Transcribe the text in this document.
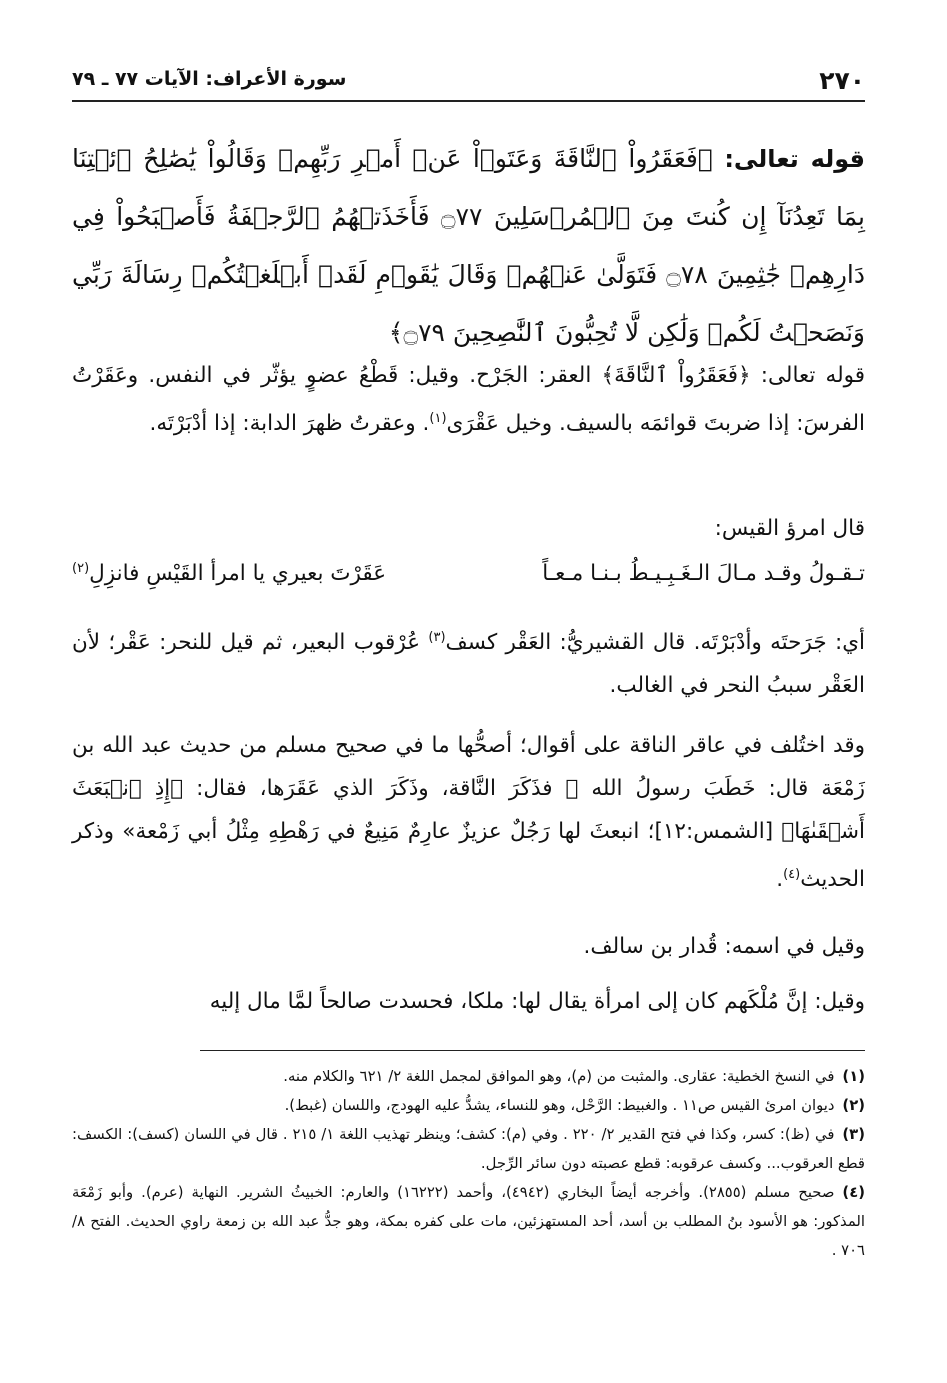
٢٧٠
سورة الأعراف: الآيات ٧٧ ـ ٧٩
قوله تعالى: ﴿فَعَقَرُواْ ٱلنَّاقَةَ وَعَتَوۡاْ عَنۡ أَمۡرِ رَبِّهِمۡ وَقَالُواْ يَٰصَٰلِحُ ٱئۡتِنَا بِمَا تَعِدُنَآ إِن كُنتَ مِنَ ٱلۡمُرۡسَلِينَ ۝٧٧ فَأَخَذَتۡهُمُ ٱلرَّجۡفَةُ فَأَصۡبَحُواْ فِي دَارِهِمۡ جَٰثِمِينَ ۝٧٨ فَتَوَلَّىٰ عَنۡهُمۡ وَقَالَ يَٰقَوۡمِ لَقَدۡ أَبۡلَغۡتُكُمۡ رِسَالَةَ رَبِّي وَنَصَحۡتُ لَكُمۡ وَلَٰكِن لَّا تُحِبُّونَ ٱلنَّٰصِحِينَ ۝٧٩﴾

قوله تعالى: ﴿فَعَقَرُواْ ٱلنَّاقَةَ﴾ العقر: الجَرْح. وقيل: قَطْعُ عضوٍ يؤثّر في النفس. وعَقَرْتُ الفرسَ: إذا ضربتَ قوائمَه بالسيف. وخيل عَقْرَى$^{(١)}$. وعقرتُ ظهرَ الدابة: إذا أدْبَرْتَه.

قال امرؤ القيس:

تـقـولُ وقـد مـالَ الـغَـبِـيـطُ بـنـا مـعـاً
عَقَرْتَ بعيري يا امرأ القَيْسِ فانزِلِ$^{(٢)}$

أي: جَرَحتَه وأدْبَرْتَه. قال القشيريُّ: العَقْر كسف$^{(٣)}$ عُرْقوب البعير، ثم قيل للنحر: عَقْر؛ لأن العَقْر سببُ النحر في الغالب.

وقد اختُلف في عاقر الناقة على أقوال؛ أصحُّها ما في صحيح مسلم من حديث عبد الله بن زَمْعَة قال: خَطَبَ رسولُ الله ﷺ فذَكَرَ النَّاقة، وذَكَرَ الذي عَقَرَها، فقال: ﴿إِذِ ٱنۢبَعَثَ أَشۡقَىٰهَا﴾ [الشمس:١٢]؛ انبعثَ لها رَجُلٌ عزيزٌ عارِمٌ مَنِيعٌ في رَهْطِهِ مِثْلُ أبي زَمْعة» وذكر الحديث$^{(٤)}$.

وقيل في اسمه: قُدار بن سالف.

وقيل: إنَّ مُلْكَهم كان إلى امرأة يقال لها: ملكا، فحسدت صالحاً لمَّا مال إليه

(١)في النسخ الخطية: عقارى. والمثبت من (م)، وهو الموافق لمجمل اللغة ٢/ ٦٢١ والكلام منه.

(٢)ديوان امرئ القيس ص١١ . والغبيط: الرَّحْل، وهو للنساء، يشدُّ عليه الهودج، واللسان (غبط).

(٣)في (ظ): كسر، وكذا في فتح القدير ٢/ ٢٢٠ . وفي (م): كشف؛ وينظر تهذيب اللغة ١/ ٢١٥ . قال في اللسان (كسف): الكسف: قطع العرقوب... وكسف عرقوبه: قطع عصبته دون سائر الرِّجل.

(٤)صحيح مسلم (٢٨٥٥). وأخرجه أيضاً البخاري (٤٩٤٢)، وأحمد (١٦٢٢٢) والعارم: الخبيثُ الشرير. النهاية (عرم). وأبو زَمْعَة المذكور: هو الأسود بنُ المطلب بن أسد، أحد المستهزئين، مات على كفره بمكة، وهو جدُّ عبد الله بن زمعة راوي الحديث. الفتح ٨/ ٧٠٦ .
